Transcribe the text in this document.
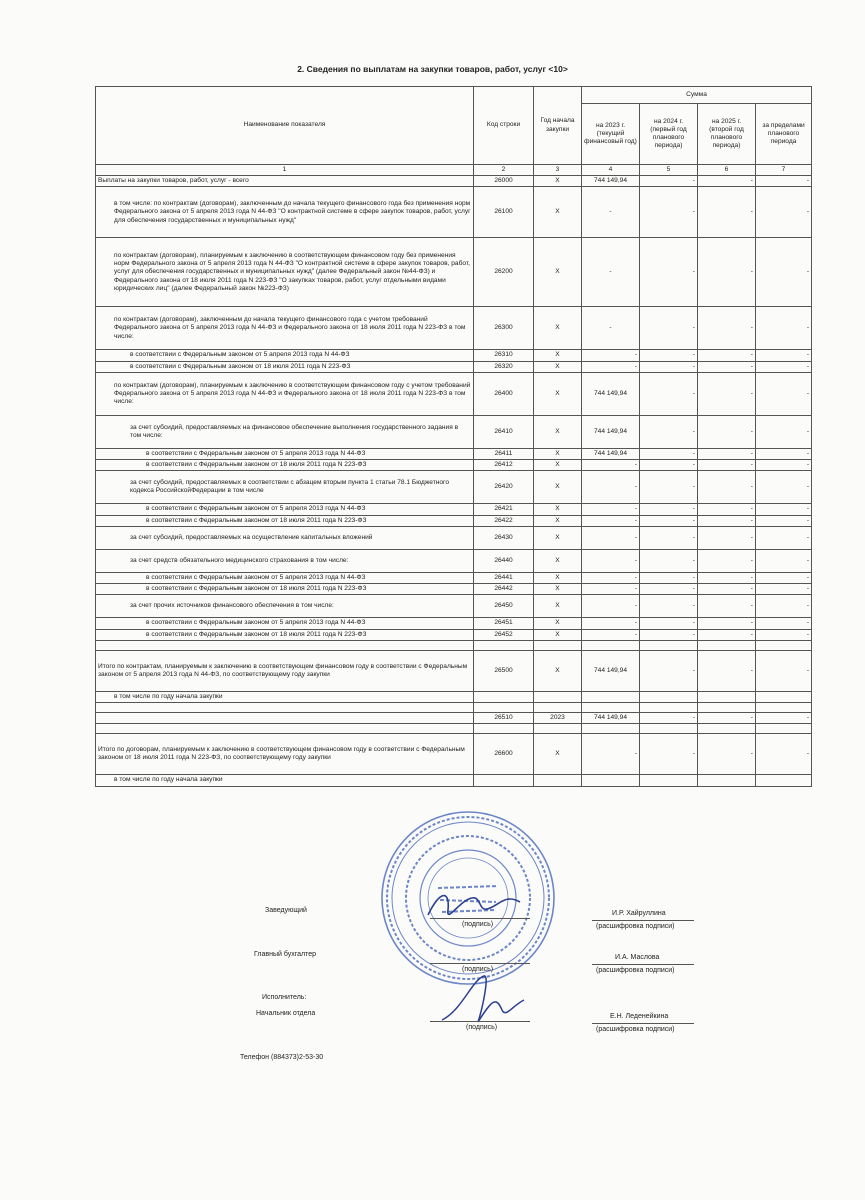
2. Сведения по выплатам на закупки товаров, работ, услуг <10>
Наименование показателя	Код строки	Год начала закупки	Сумма			
			на 2023 г. (текущий финансовый год)	на 2024 г. (первый год планового периода)	на 2025 г. (второй год планового периода)	за пределами планового периода
1	2	3	4	5	6	7
Выплаты на закупки товаров, работ, услуг - всего	26000	X	744 149,94	-	-	-
в том числе: по контрактам (договорам), заключенным до начала текущего финансового года без применения норм Федерального закона от 5 апреля 2013 года N 44-ФЗ "О контрактной системе в сфере закупок товаров, работ, услуг для обеспечения государственных и муниципальных нужд"	26100	X	-	-	-	-
по контрактам (договорам), планируемым к заключению в соответствующем финансовом году без применения норм Федерального закона от 5 апреля 2013 года N 44-ФЗ "О контрактной системе в сфере закупок товаров, работ, услуг для обеспечения государственных и муниципальных нужд" (далее Федеральный закон №44-ФЗ) и Федерального закона от 18 июля 2011 года N 223-ФЗ "О закупках товаров, работ, услуг отдельными видами юридических лиц" (далее Федеральный закон №223-ФЗ)	26200	X	-	-	-	-
по контрактам (договорам), заключенным до начала текущего финансового года с учетом требований Федерального закона от 5 апреля 2013 года N 44-ФЗ и Федерального закона от 18 июля 2011 года N 223-ФЗ в том числе:	26300	X	-	-	-	-
в соответствии с Федеральным законом от 5 апреля 2013 года N 44-ФЗ	26310	X	-	-	-	-
в соответствии с Федеральным законом от 18 июля 2011 года N 223-ФЗ	26320	X	-	-	-	-
по контрактам (договорам), планируемым к заключению в соответствующем финансовом году с учетом требований Федерального закона от 5 апреля 2013 года N 44-ФЗ и Федерального закона от 18 июля 2011 года N 223-ФЗ в том числе:	26400	X	744 149,94	-	-	-
за счет субсидий, предоставляемых на финансовое обеспечение выполнения государственного задания в том числе:	26410	X	744 149,94	-	-	-
в соответствии с Федеральным законом от 5 апреля 2013 года N 44-ФЗ	26411	X	744 149,94	-	-	-
в соответствии с Федеральным законом от 18 июля 2011 года N 223-ФЗ	26412	X	-	-	-	-
за счет субсидий, предоставляемых в соответствии с абзацем вторым пункта 1 статьи 78.1 Бюджетного кодекса РоссийскойФедерации в том числе	26420	X	-	-	-	-
в соответствии с Федеральным законом от 5 апреля 2013 года N 44-ФЗ	26421	X	-	-	-	-
в соответствии с Федеральным законом от 18 июля 2011 года N 223-ФЗ	26422	X	-	-	-	-
за счет субсидий, предоставляемых на осуществление капитальных вложений	26430	X	-	-	-	-
за счет средств обязательного медицинского страхования в том числе:	26440	X	-	-	-	-
в соответствии с Федеральным законом от 5 апреля 2013 года N 44-ФЗ	26441	X	-	-	-	-
в соответствии с Федеральным законом от 18 июля 2011 года N 223-ФЗ	26442	X	-	-	-	-
за счет прочих источников финансового обеспечения в том числе:	26450	X	-	-	-	-
в соответствии с Федеральным законом от 5 апреля 2013 года N 44-ФЗ	26451	X	-	-	-	-
в соответствии с Федеральным законом от 18 июля 2011 года N 223-ФЗ	26452	X	-	-	-	-

Итого по контрактам, планируемым к заключению в соответствующем финансовом году в соответствии с Федеральным законом от 5 апреля 2013 года N 44-ФЗ, по соответствующему году закупки	26500	X	744 149,94	-	-	-
в том числе по году начала закупки						

	26510	2023	744 149,94	-	-	-

Итого по договорам, планируемым к заключению в соответствующем финансовом году в соответствии с Федеральным законом от 18 июля 2011 года N 223-ФЗ, по соответствующему году закупки	26600	X	-	-	-	-
в том числе по году начала закупки						
Заведующий
(подпись)
И.Р. Хайруллина
(расшифровка подписи)
Главный бухгалтер
(подпись)
И.А. Маслова
(расшифровка подписи)
Исполнитель:
Начальник отдела
(подпись)
Е.Н. Леденейкина
(расшифровка подписи)
Телефон (884373)2-53-30
